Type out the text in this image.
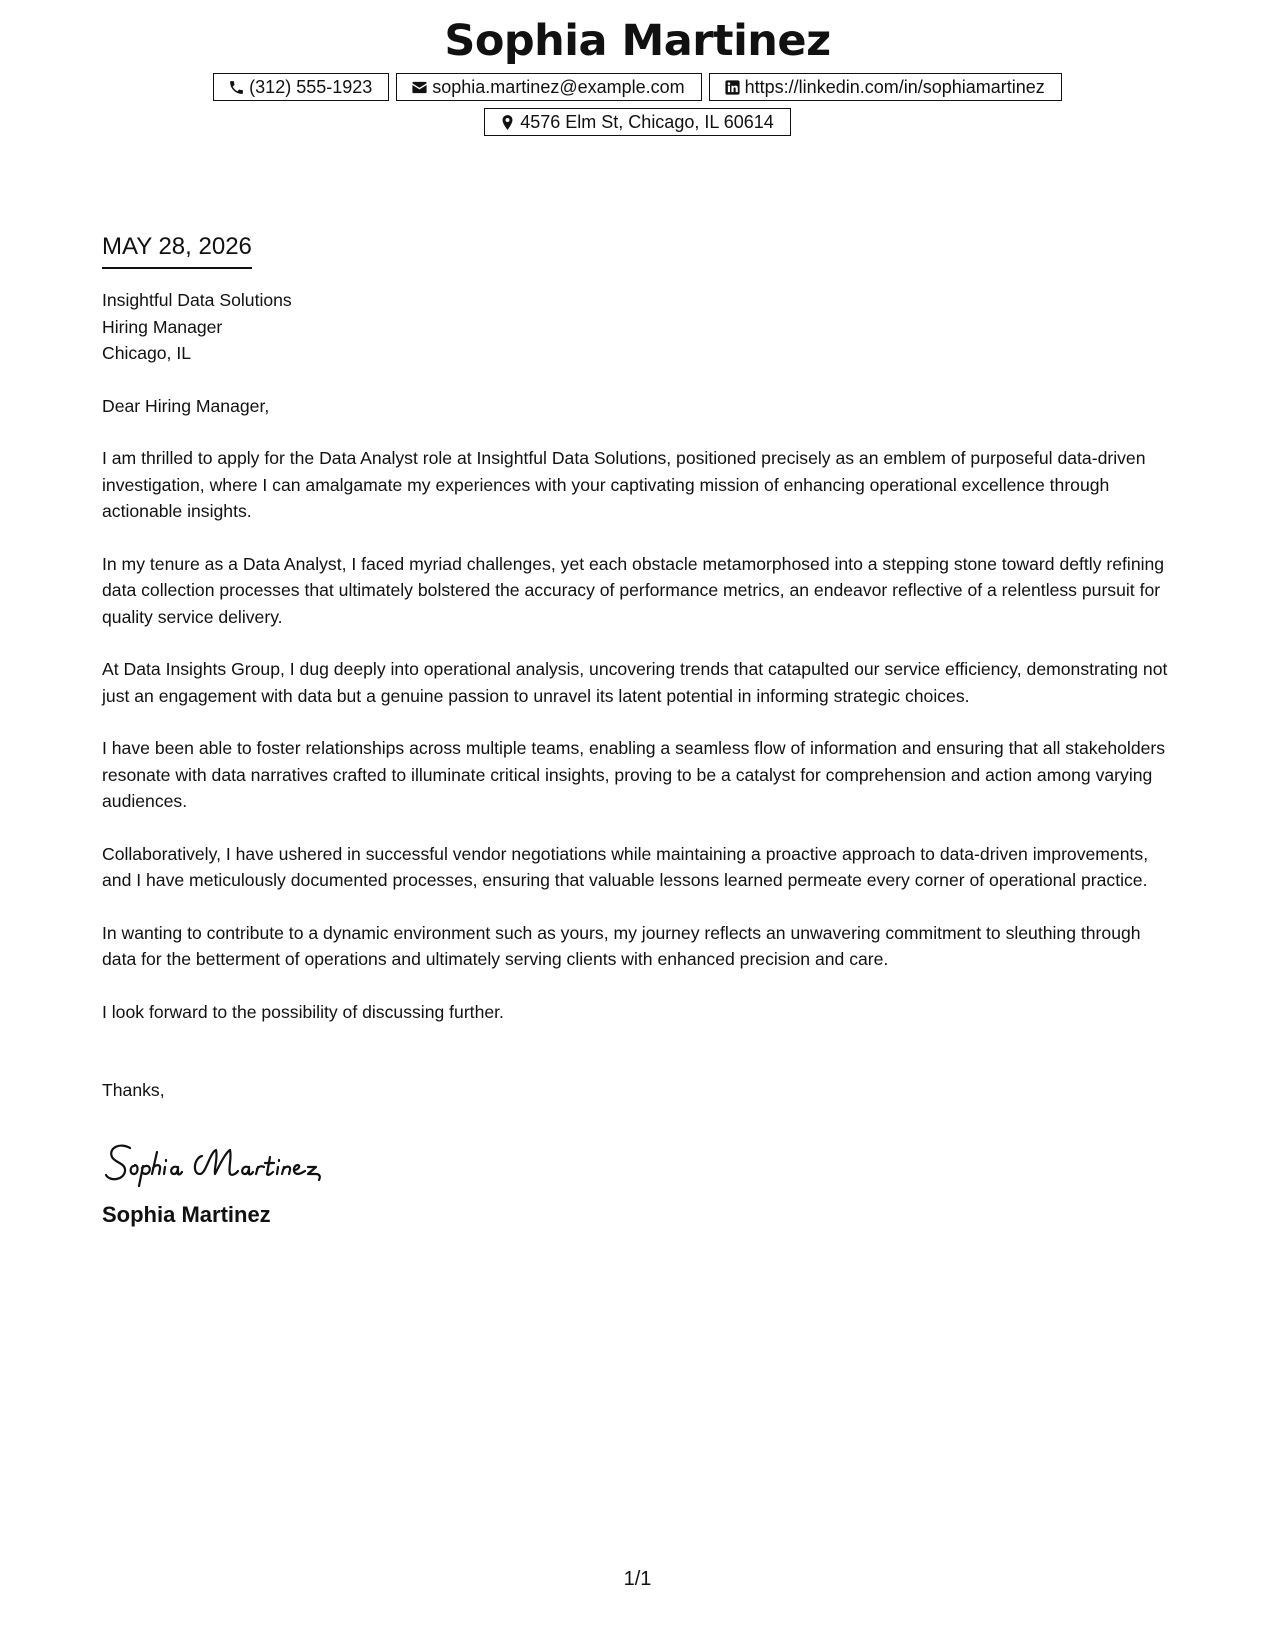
Sophia Martinez
(312) 555-1923	sophia.martinez@example.com	https://linkedin.com/in/sophiamartinez
4576 Elm St, Chicago, IL 60614
MAY 28, 2026
Insightful Data Solutions
Hiring Manager
Chicago, IL
Dear Hiring Manager,
I am thrilled to apply for the Data Analyst role at Insightful Data Solutions, positioned precisely as an emblem of purposeful data-driven investigation, where I can amalgamate my experiences with your captivating mission of enhancing operational excellence through actionable insights.
In my tenure as a Data Analyst, I faced myriad challenges, yet each obstacle metamorphosed into a stepping stone toward deftly refining data collection processes that ultimately bolstered the accuracy of performance metrics, an endeavor reflective of a relentless pursuit for quality service delivery.
At Data Insights Group, I dug deeply into operational analysis, uncovering trends that catapulted our service efficiency, demonstrating not just an engagement with data but a genuine passion to unravel its latent potential in informing strategic choices.
I have been able to foster relationships across multiple teams, enabling a seamless flow of information and ensuring that all stakeholders resonate with data narratives crafted to illuminate critical insights, proving to be a catalyst for comprehension and action among varying audiences.
Collaboratively, I have ushered in successful vendor negotiations while maintaining a proactive approach to data-driven improvements, and I have meticulously documented processes, ensuring that valuable lessons learned permeate every corner of operational practice.
In wanting to contribute to a dynamic environment such as yours, my journey reflects an unwavering commitment to sleuthing through data for the betterment of operations and ultimately serving clients with enhanced precision and care.
I look forward to the possibility of discussing further.
Thanks,
Sophia Martinez
1/1
